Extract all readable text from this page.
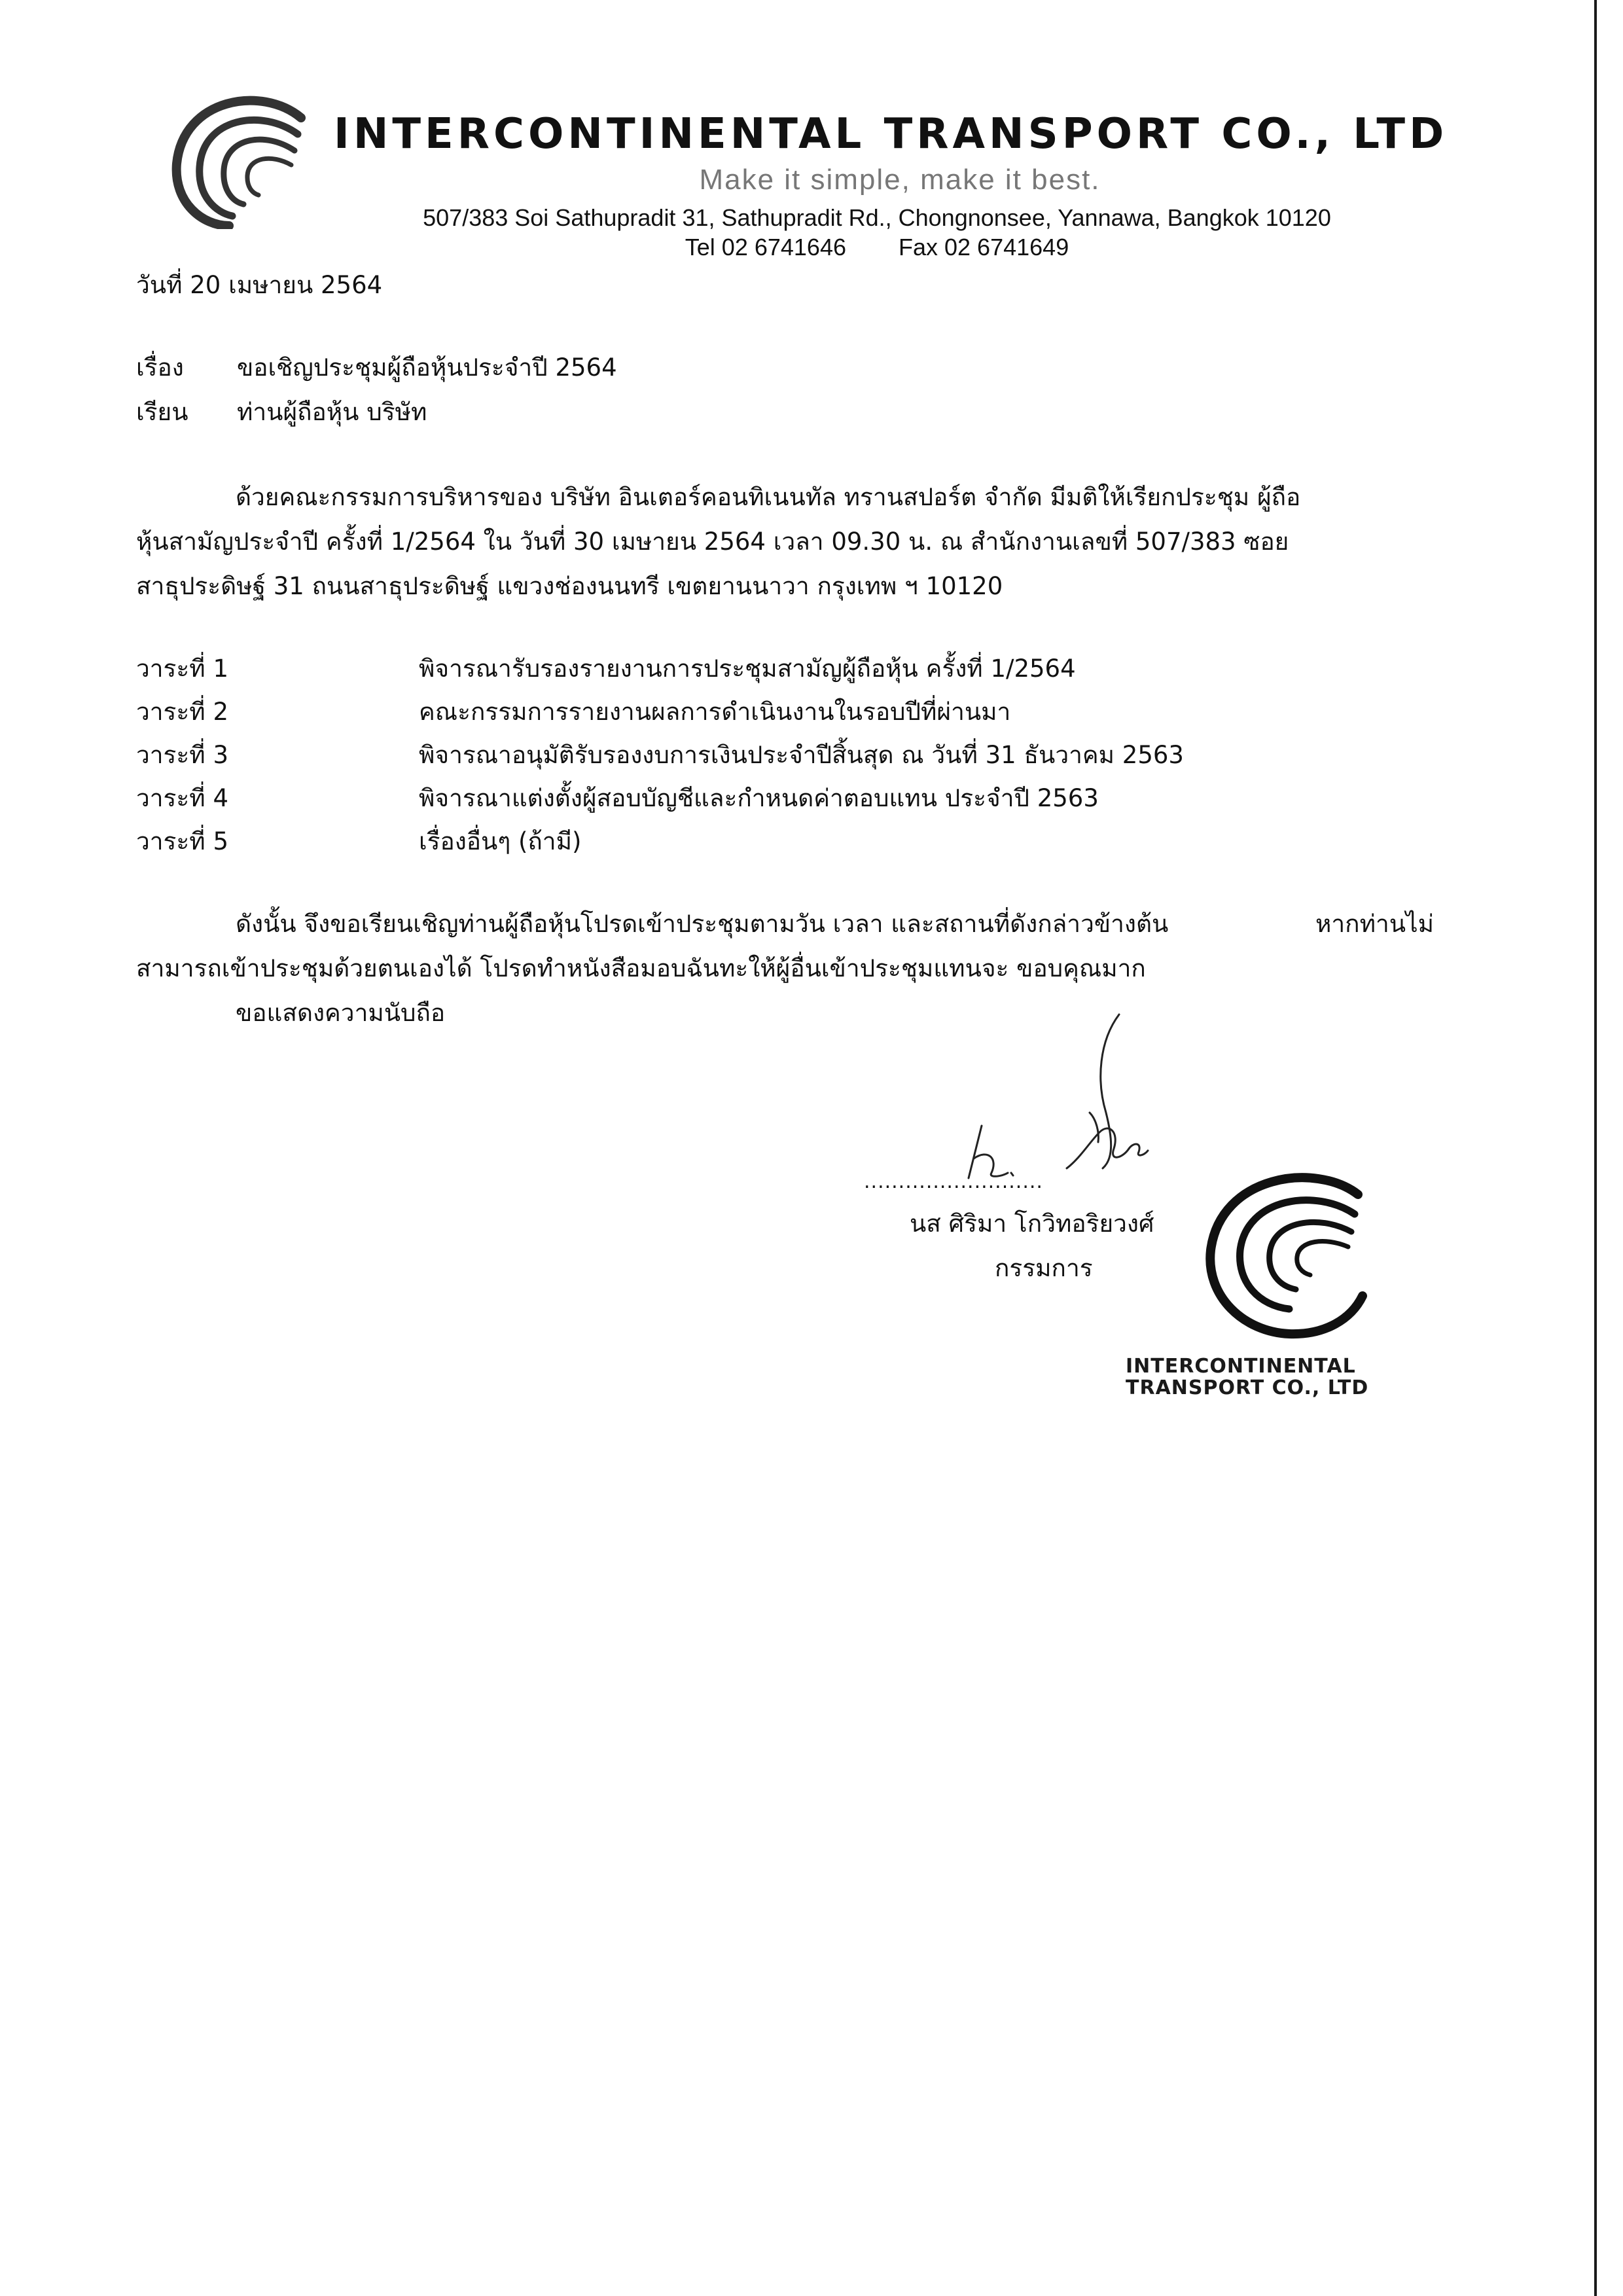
INTERCONTINENTAL TRANSPORT CO., LTD
Make it simple, make it best.
507/383 Soi Sathupradit 31, Sathupradit Rd., Chongnonsee, Yannawa, Bangkok 10120
Tel 02 6741646 Fax 02 6741649
วันที่ 20 เมษายน 2564
เรื่อง ขอเชิญประชุมผู้ถือหุ้นประจำปี 2564
เรียน ท่านผู้ถือหุ้น บริษัท
ด้วยคณะกรรมการบริหารของ บริษัท อินเตอร์คอนทิเนนทัล ทรานสปอร์ต จำกัด มีมติให้เรียกประชุม ผู้ถือ
หุ้นสามัญประจำปี ครั้งที่ 1/2564 ใน วันที่ 30 เมษายน 2564 เวลา 09.30 น. ณ สำนักงานเลขที่ 507/383 ซอย
สาธุประดิษฐ์ 31 ถนนสาธุประดิษฐ์ แขวงช่องนนทรี เขตยานนาวา กรุงเทพ ฯ 10120
วาระที่ 1	พิจารณารับรองรายงานการประชุมสามัญผู้ถือหุ้น ครั้งที่ 1/2564
วาระที่ 2	คณะกรรมการรายงานผลการดำเนินงานในรอบปีที่ผ่านมา
วาระที่ 3	พิจารณาอนุมัติรับรองงบการเงินประจำปีสิ้นสุด ณ วันที่ 31 ธันวาคม 2563
วาระที่ 4	พิจารณาแต่งตั้งผู้สอบบัญชีและกำหนดค่าตอบแทน ประจำปี 2563
วาระที่ 5	เรื่องอื่นๆ (ถ้ามี)
ดังนั้น จึงขอเรียนเชิญท่านผู้ถือหุ้นโปรดเข้าประชุมตามวัน เวลา และสถานที่ดังกล่าวข้างต้น	หากท่านไม่
สามารถเข้าประชุมด้วยตนเองได้ โปรดทำหนังสือมอบฉันทะให้ผู้อื่นเข้าประชุมแทนจะ ขอบคุณมาก
ขอแสดงความนับถือ
..........................
นส ศิริมา โกวิทอริยวงศ์
กรรมการ
INTERCONTINENTAL
TRANSPORT CO., LTD
